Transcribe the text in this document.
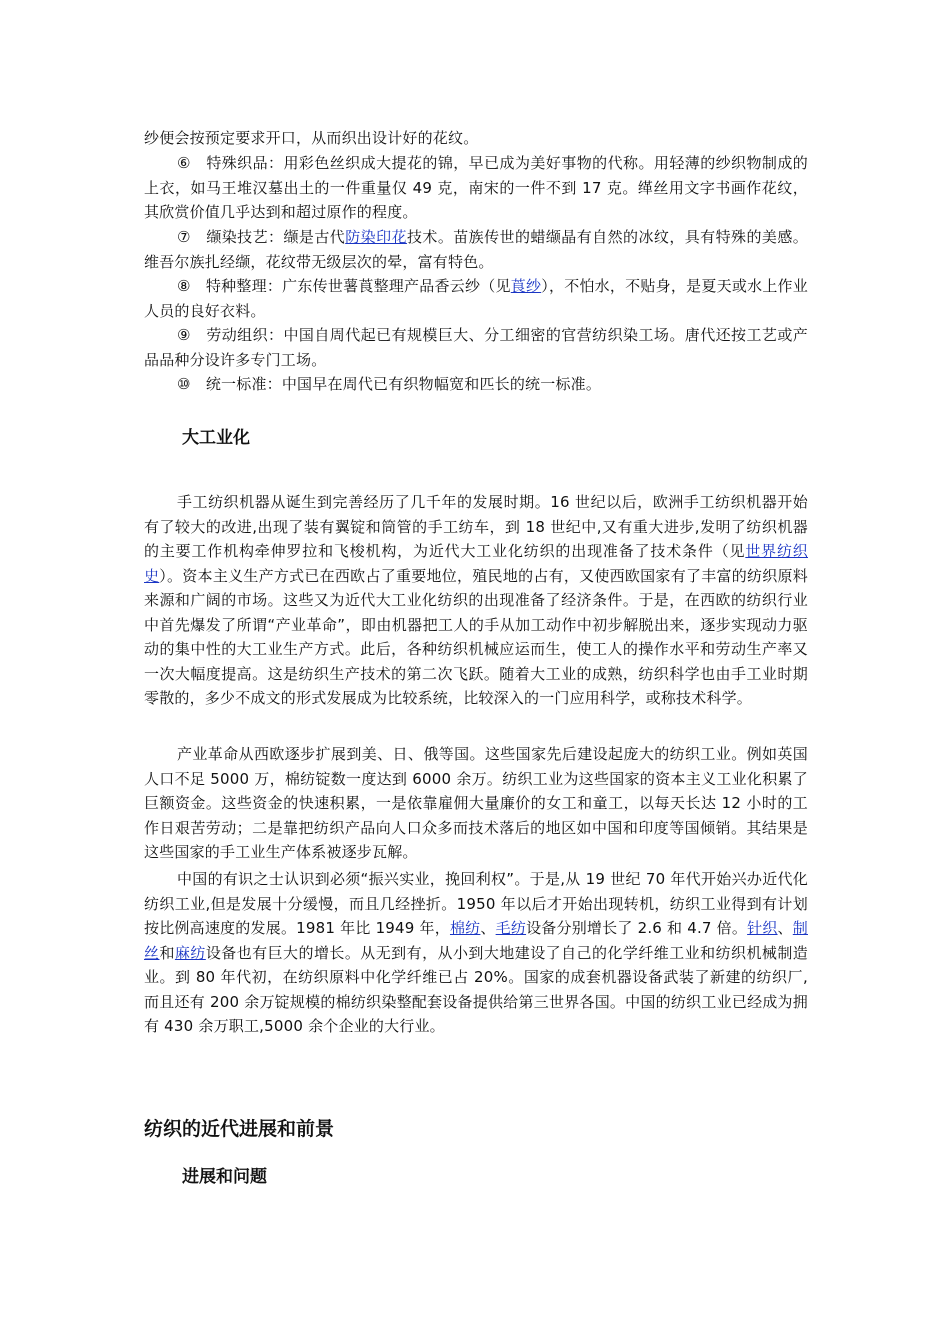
纱便会按预定要求开口，从而织出设计好的花纹。

⑥　特殊织品：用彩色丝织成大提花的锦，早已成为美好事物的代称。用轻薄的纱织物制成的上衣，如马王堆汉墓出土的一件重量仅 49 克，南宋的一件不到 17 克。缂丝用文字书画作花纹，其欣赏价值几乎达到和超过原作的程度。

⑦　缬染技艺：缬是古代防染印花技术。苗族传世的蜡缬晶有自然的冰纹，具有特殊的美感。维吾尔族扎经缬，花纹带无级层次的晕，富有特色。

⑧　特种整理：广东传世薯莨整理产品香云纱（见莨纱），不怕水，不贴身，是夏天或水上作业人员的良好衣料。

⑨　劳动组织：中国自周代起已有规模巨大、分工细密的官营纺织染工场。唐代还按工艺或产品品种分设许多专门工场。

⑩　统一标准：中国早在周代已有织物幅宽和匹长的统一标准。

大工业化

手工纺织机器从诞生到完善经历了几千年的发展时期。16 世纪以后，欧洲手工纺织机器开始有了较大的改进,出现了装有翼锭和筒管的手工纺车，到 18 世纪中,又有重大进步,发明了纺织机器的主要工作机构牵伸罗拉和飞梭机构，为近代大工业化纺织的出现准备了技术条件（见世界纺织史）。资本主义生产方式已在西欧占了重要地位，殖民地的占有，又使西欧国家有了丰富的纺织原料来源和广阔的市场。这些又为近代大工业化纺织的出现准备了经济条件。于是，在西欧的纺织行业中首先爆发了所谓“产业革命”，即由机器把工人的手从加工动作中初步解脱出来，逐步实现动力驱动的集中性的大工业生产方式。此后，各种纺织机械应运而生，使工人的操作水平和劳动生产率又一次大幅度提高。这是纺织生产技术的第二次飞跃。随着大工业的成熟，纺织科学也由手工业时期零散的，多少不成文的形式发展成为比较系统，比较深入的一门应用科学，或称技术科学。

产业革命从西欧逐步扩展到美、日、俄等国。这些国家先后建设起庞大的纺织工业。例如英国人口不足 5000 万，棉纺锭数一度达到 6000 余万。纺织工业为这些国家的资本主义工业化积累了巨额资金。这些资金的快速积累，一是依靠雇佣大量廉价的女工和童工，以每天长达 12 小时的工作日艰苦劳动；二是靠把纺织产品向人口众多而技术落后的地区如中国和印度等国倾销。其结果是这些国家的手工业生产体系被逐步瓦解。

中国的有识之士认识到必须“振兴实业，挽回利权”。于是,从 19 世纪 70 年代开始兴办近代化纺织工业,但是发展十分缓慢，而且几经挫折。1950 年以后才开始出现转机，纺织工业得到有计划按比例高速度的发展。1981 年比 1949 年，棉纺、毛纺设备分别增长了 2.6 和 4.7 倍。针织、制丝和麻纺设备也有巨大的增长。从无到有，从小到大地建设了自己的化学纤维工业和纺织机械制造业。到 80 年代初，在纺织原料中化学纤维已占 20%。国家的成套机器设备武装了新建的纺织厂,而且还有 200 余万锭规模的棉纺织染整配套设备提供给第三世界各国。中国的纺织工业已经成为拥有 430 余万职工,5000 余个企业的大行业。

纺织的近代进展和前景
进展和问题
